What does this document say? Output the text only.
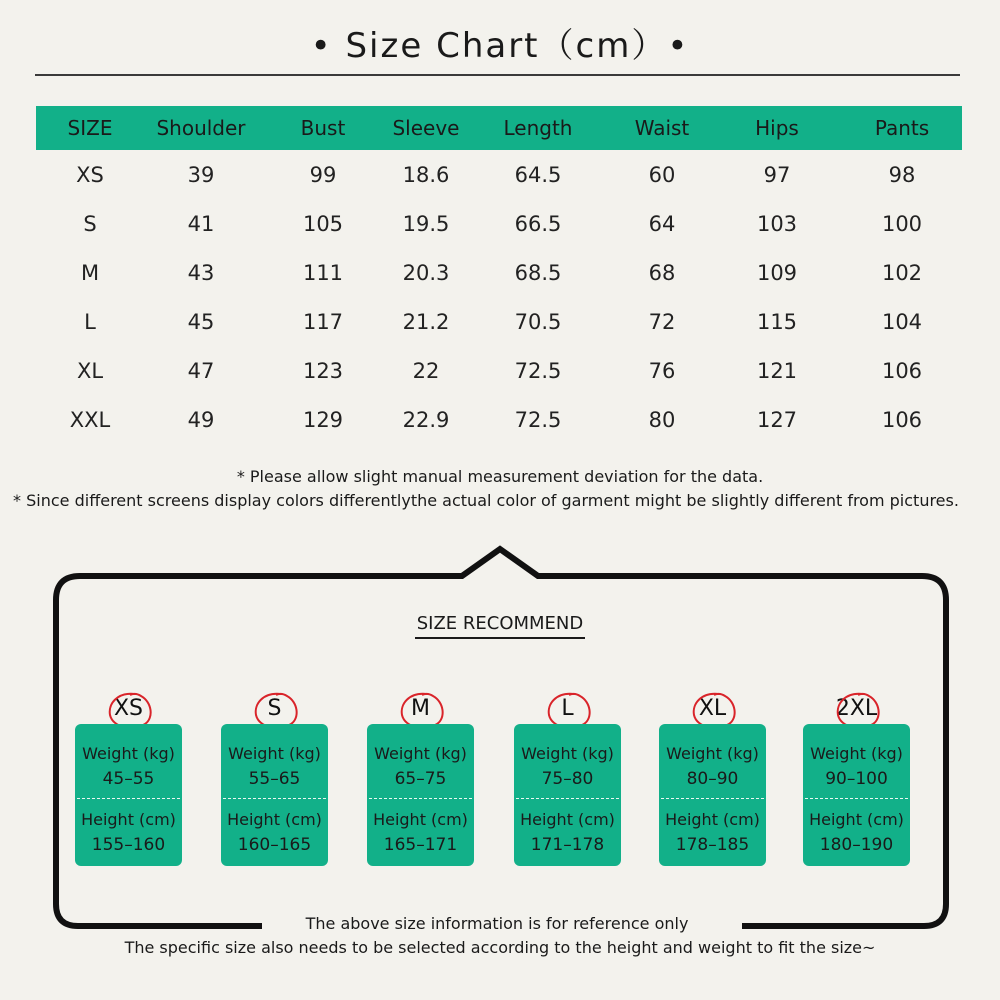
• Size Chart（cm）•
SIZE	Shoulder	Bust	Sleeve	Length	Waist	Hips	Pants
XS	39	99	18.6	64.5	60	97	98
S	41	105	19.5	66.5	64	103	100
M	43	111	20.3	68.5	68	109	102
L	45	117	21.2	70.5	72	115	104
XL	47	123	22	72.5	76	121	106
XXL	49	129	22.9	72.5	80	127	106
* Please allow slight manual measurement deviation for the data.
* Since different screens display colors differentlythe actual color of garment might be slightly different from pictures.
SIZE RECOMMEND
XS
Weight (kg)
45–55
Height (cm)
155–160
S
Weight (kg)
55–65
Height (cm)
160–165
M
Weight (kg)
65–75
Height (cm)
165–171
L
Weight (kg)
75–80
Height (cm)
171–178
XL
Weight (kg)
80–90
Height (cm)
178–185
2XL
Weight (kg)
90–100
Height (cm)
180–190
The above size information is for reference only
The specific size also needs to be selected according to the height and weight to fit the size~
